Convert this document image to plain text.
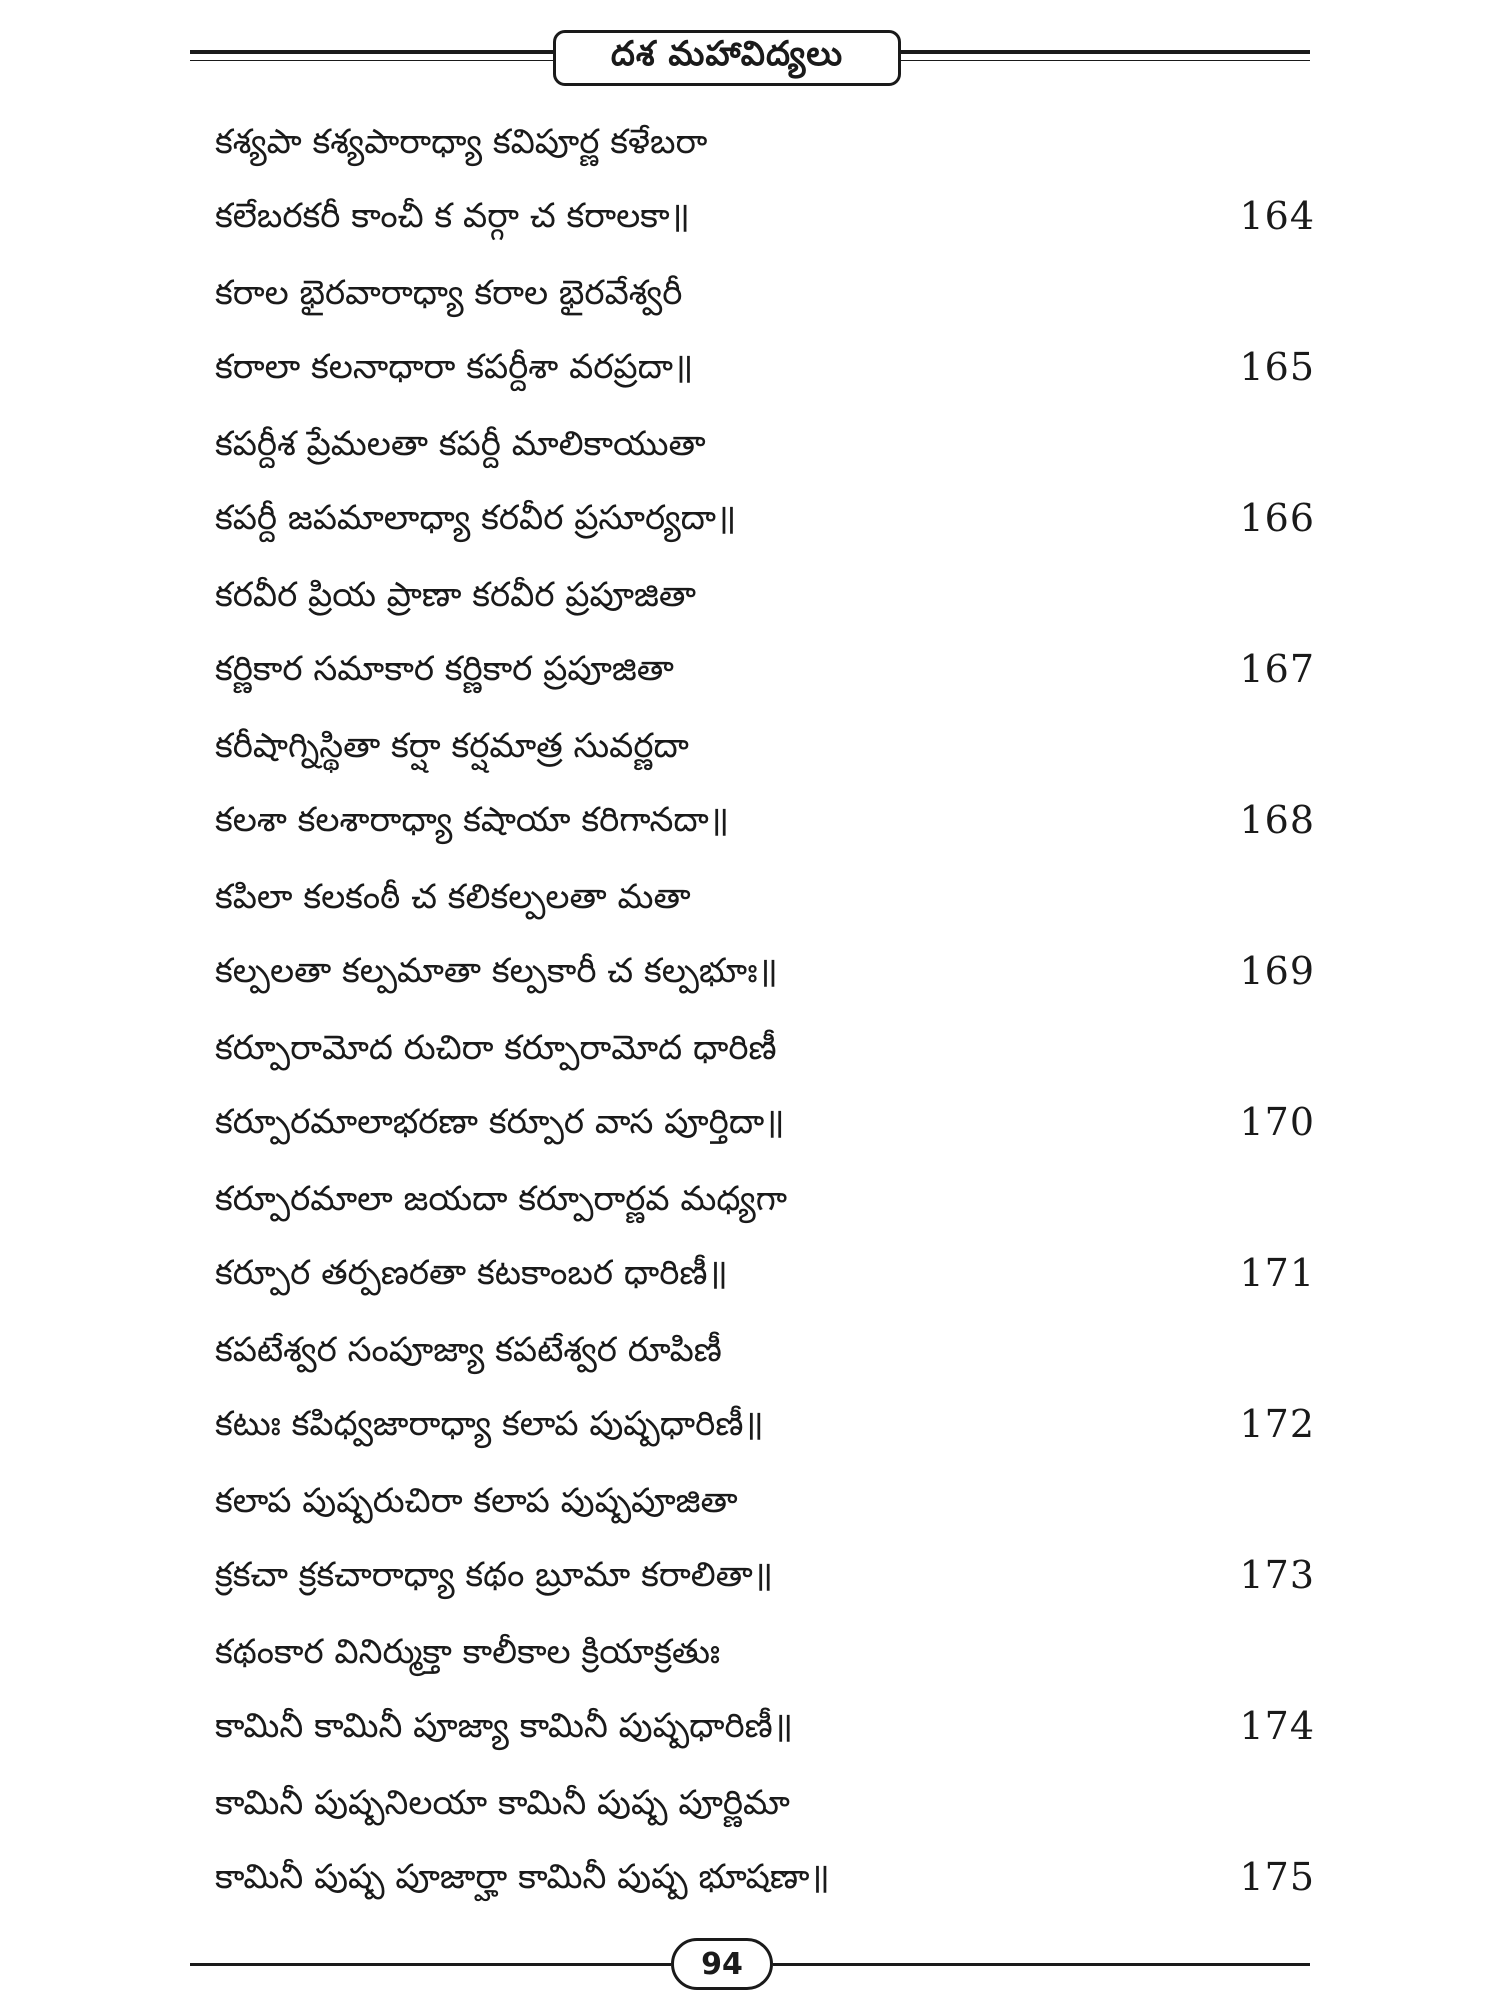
దశ మహావిద్యలు
కశ్యపా కశ్యపారాధ్యా కవిపూర్ణ కళేబరా
కలేబరకరీ కాంచీ క వర్గా చ కరాలకా॥	164
కరాల భైరవారాధ్యా కరాల భైరవేశ్వరీ
కరాలా కలనాధారా కపర్దీశా వరప్రదా॥	165
కపర్దీశ ప్రేమలతా కపర్దీ మాలికాయుతా
కపర్దీ జపమాలాధ్యా కరవీర ప్రసూర్యదా॥	166
కరవీర ప్రియ ప్రాణా కరవీర ప్రపూజితా
కర్ణికార సమాకార కర్ణికార ప్రపూజితా	167
కరీషాగ్నిస్థితా కర్షా కర్షమాత్ర సువర్ణదా
కలశా కలశారాధ్యా కషాయా కరిగానదా॥	168
కపిలా కలకంఠీ చ కలికల్పలతా మతా
కల్పలతా కల్పమాతా కల్పకారీ చ కల్పభూః॥	169
కర్పూరామోద రుచిరా కర్పూరామోద ధారిణీ
కర్పూరమాలాభరణా కర్పూర వాస పూర్తిదా॥	170
కర్పూరమాలా జయదా కర్పూరార్ణవ మధ్యగా
కర్పూర తర్పణరతా కటకాంబర ధారిణీ॥	171
కపటేశ్వర సంపూజ్యా కపటేశ్వర రూపిణీ
కటుః కపిధ్వజారాధ్యా కలాప పుష్పధారిణీ॥	172
కలాప పుష్పరుచిరా కలాప పుష్పపూజితా
క్రకచా క్రకచారాధ్యా కథం బ్రూమా కరాలితా॥	173
కథంకార వినిర్ముక్తా కాలీకాల క్రియాక్రతుః
కామినీ కామినీ పూజ్యా కామినీ పుష్పధారిణీ॥	174
కామినీ పుష్పనిలయా కామినీ పుష్ప పూర్ణిమా
కామినీ పుష్ప పూజార్హా కామినీ పుష్ప భూషణా॥	175
94
